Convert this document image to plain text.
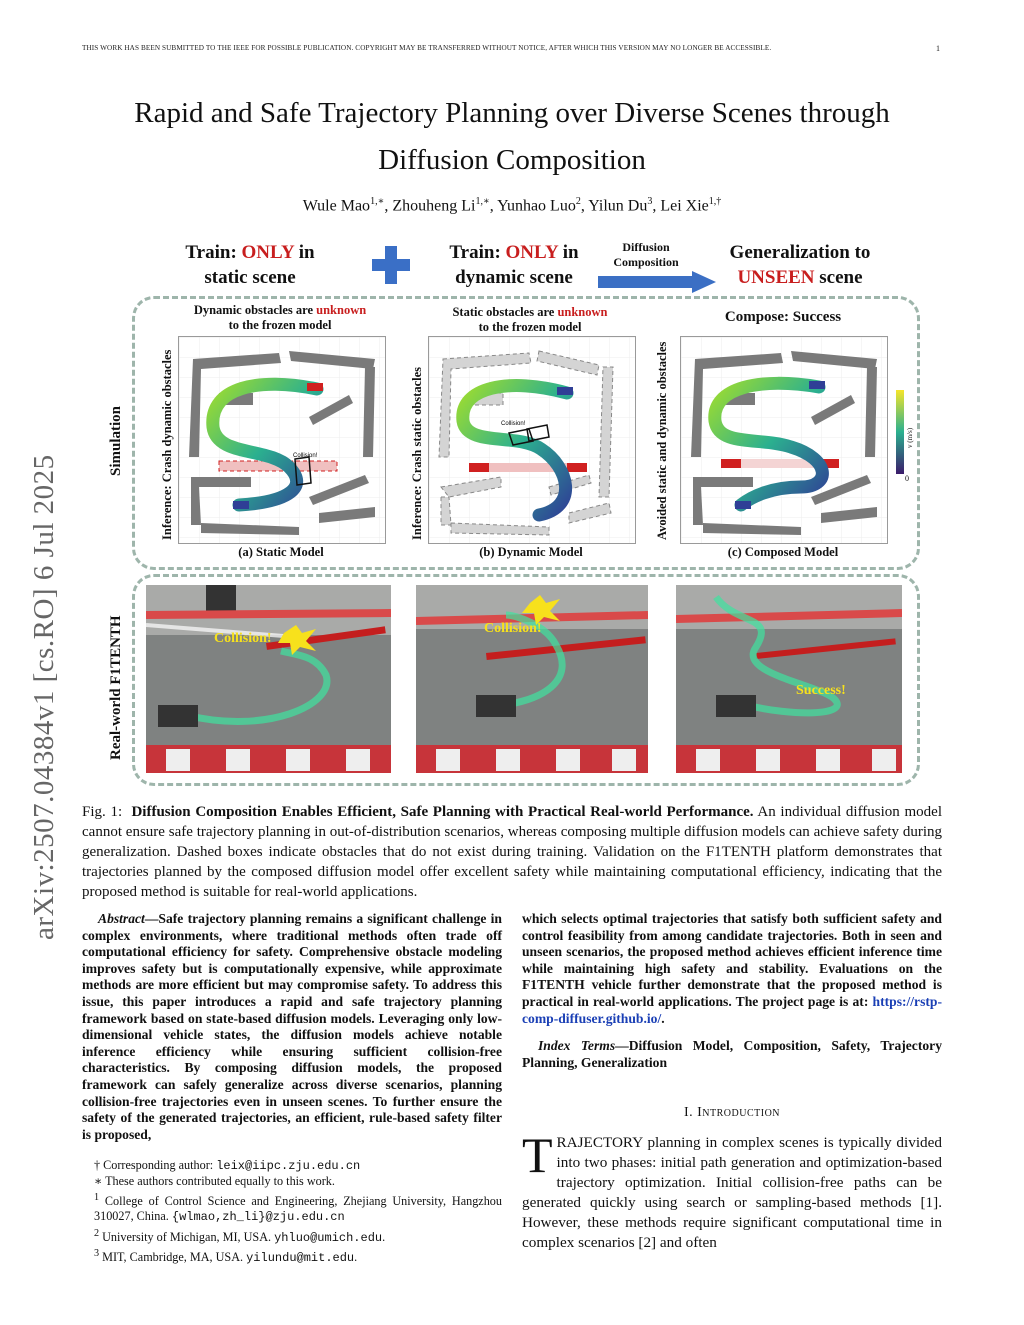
THIS WORK HAS BEEN SUBMITTED TO THE IEEE FOR POSSIBLE PUBLICATION. COPYRIGHT MAY BE TRANSFERRED WITHOUT NOTICE, AFTER WHICH THIS VERSION MAY NO LONGER BE ACCESSIBLE.	1
arXiv:2507.04384v1 [cs.RO] 6 Jul 2025
Rapid and Safe Trajectory Planning over Diverse Scenes through
Diffusion Composition
Wule Mao$^{1,∗}$, Zhouheng $Li^{1,∗}$, Yunhao Luo$^2$, Yilun Du$^3$, Lei Xie$^{1,\dagger}$
Train: ONLY in
static scene
Train: ONLY in
dynamic scene
Diffusion
Composition	Generalization to
UNSEEN scene
Simulation
Real-world F1TENTH
Dynamic obstacles are unknown
to the frozen model
Inference: Crash dynamic obstacles	Collision!
(a) Static Model
Static obstacles are unknown
to the frozen model
Inference: Crash static obstacles	Collision!
(b) Dynamic Model
Compose: Success
Avoided static and dynamic obstacles
(c) Composed Model
v (m/s)
0
Collision!
Collision!
Success!
Fig. 1: Diffusion Composition Enables Efficient, Safe Planning with Practical Real-world Performance. An individual diffusion model cannot ensure safe trajectory planning in out-of-distribution scenarios, whereas composing multiple diffusion models can achieve safety during generalization. Dashed boxes indicate obstacles that do not exist during training. Validation on the F1TENTH platform demonstrates that trajectories planned by the composed diffusion model offer excellent safety while maintaining computational efficiency, indicating that the proposed method is suitable for real-world applications.
Abstract—Safe trajectory planning remains a significant challenge in complex environments, where traditional methods often trade off computational efficiency for safety. Comprehensive obstacle modeling improves safety but is computationally expensive, while approximate methods are more efficient but may compromise safety. To address this issue, this paper introduces a rapid and safe trajectory planning framework based on state-based diffusion models. Leveraging only low-dimensional vehicle states, the diffusion models achieve notable inference efficiency while ensuring sufficient collision-free characteristics. By composing diffusion models, the proposed framework can safely generalize across diverse scenarios, planning collision-free trajectories even in unseen scenes. To further ensure the safety of the generated trajectories, an efficient, rule-based safety filter is proposed,
† Corresponding author: leix@iipc.zju.edu.cn
∗ These authors contributed equally to this work.
$^1$ College of Control Science and Engineering, Zhejiang University, Hangzhou 310027, China. {wlmao,zh_li}@zju.edu.cn
$^2$ University of Michigan, MI, USA. yhluo@umich.edu.
$^3$ MIT, Cambridge, MA, USA. yilundu@mit.edu.
which selects optimal trajectories that satisfy both sufficient safety and control feasibility from among candidate trajectories. Both in seen and unseen scenarios, the proposed method achieves efficient inference time while maintaining high safety and stability. Evaluations on the F1TENTH vehicle further demonstrate that the proposed method is practical in real-world applications. The project page is at: https://rstp-comp-diffuser.github.io/.
Index Terms—Diffusion Model, Composition, Safety, Trajectory Planning, Generalization
I. Introduction
TRAJECTORY planning in complex scenes is typically divided into two phases: initial path generation and optimization-based trajectory optimization. Initial collision-free paths can be generated quickly using search or sampling-based methods [1]. However, these methods require significant computational time in complex scenarios [2] and often
